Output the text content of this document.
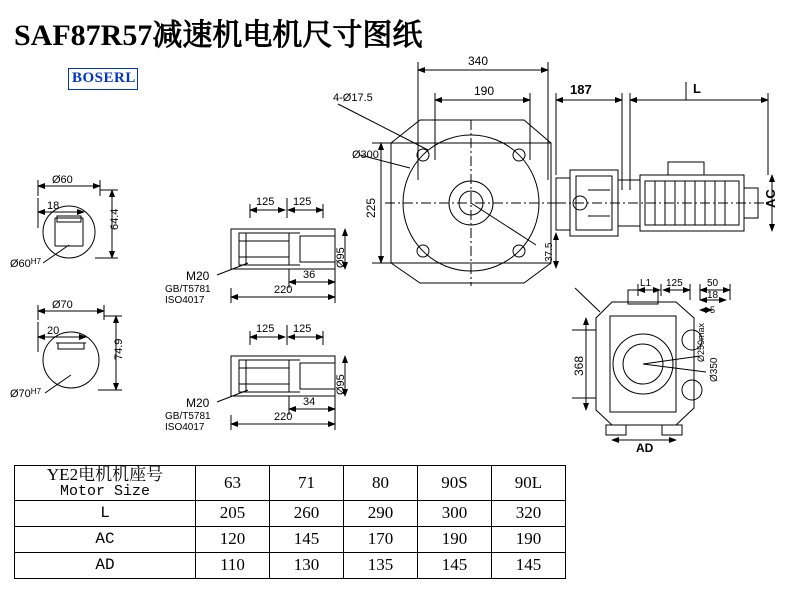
SAF87R57减速机电机尺寸图纸
BOSERL
Ø60
18
64.4
$Ø60^{H7}$
Ø70
20
74.9
$Ø70^{H7}$
125 125
M20
GB/T5781
ISO4017
36
220
Ø95
125 125
M20
GB/T5781
ISO4017
34
220
Ø95
340
190	187	L
4-Ø17.5
Ø300
225
37.5
AC
L1 125 50
18
5
368
Ø250max
Ø350
AD
YE2电机机座号
Motor Size	63	71	80	90S	90L
L	205	260	290	300	320
AC	120	145	170	190	190
AD	110	130	135	145	145
